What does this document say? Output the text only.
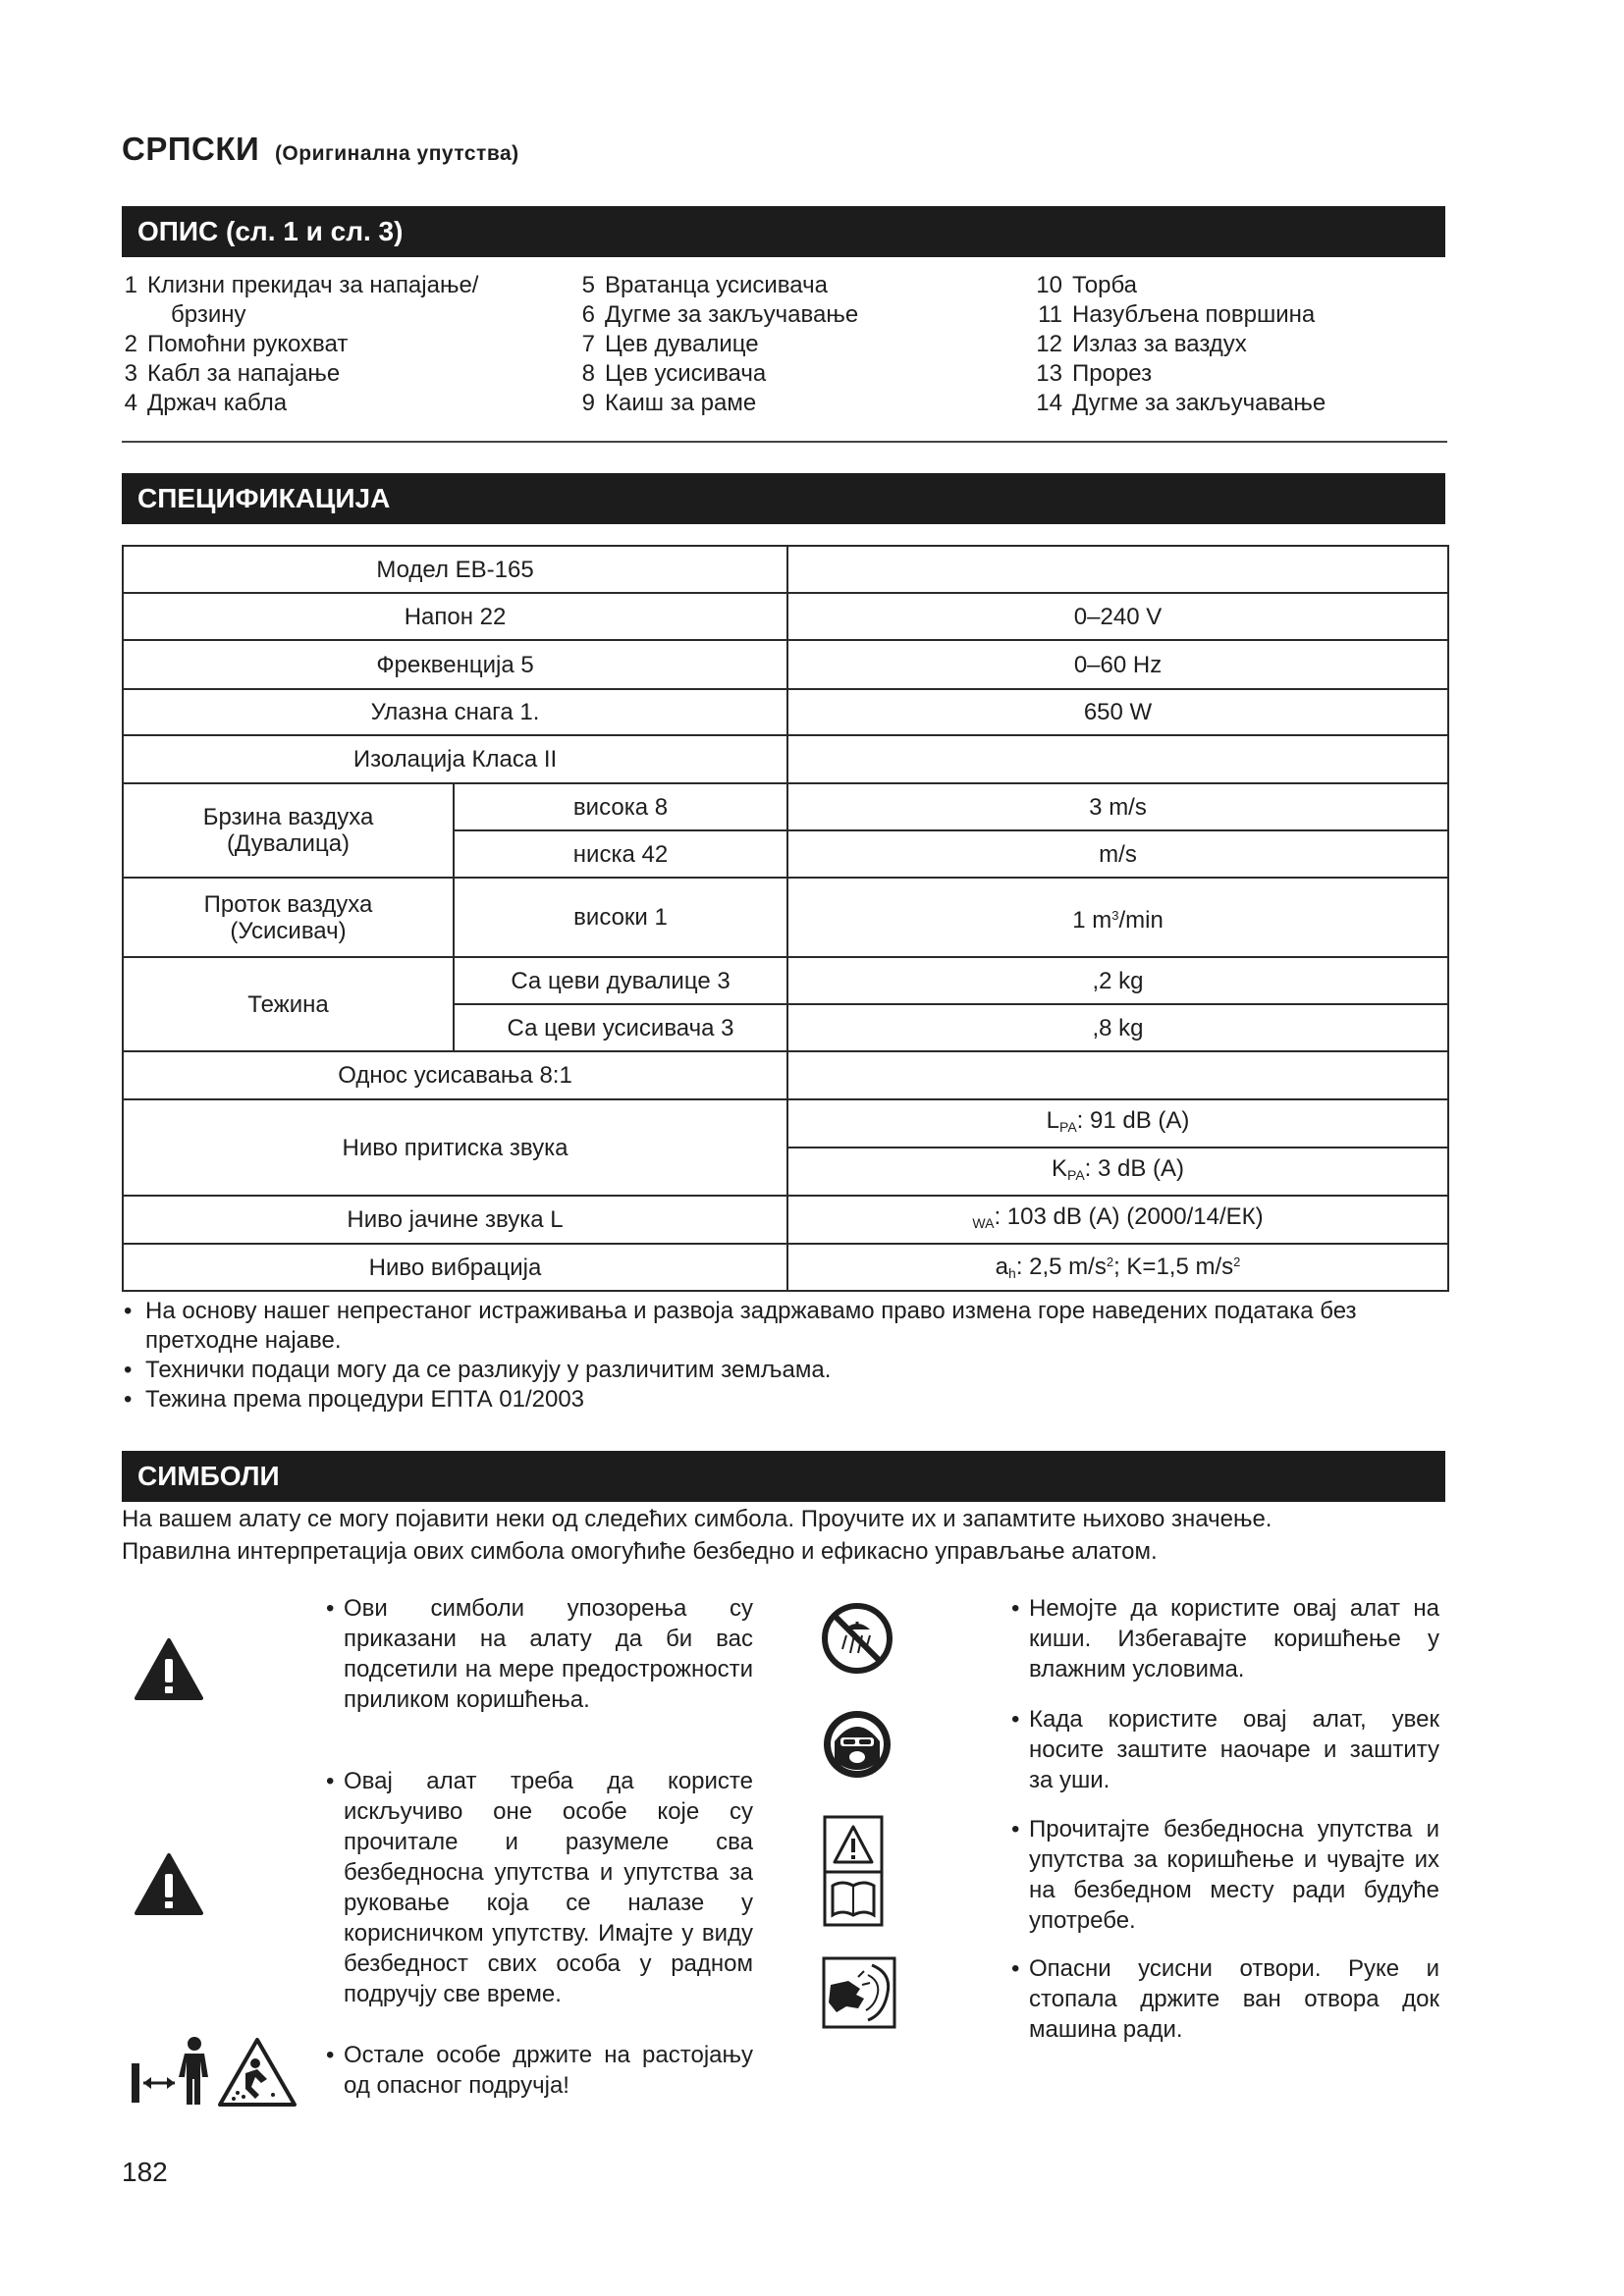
СРПСКИ (Оригинална упутства)
ОПИС (сл. 1 и сл. 3)
1 Клизни прекидач за напајање/
брзину
2 Помоћни рукохват
3 Кабл за напајање
4 Држач кабла
5 Вратанца усисивача
6 Дугме за закључавање
7 Цев дувалице
8 Цев усисивача
9 Каиш за раме
10 Торба
11 Назубљена површина
12 Излаз за ваздух
13 Прорез
14 Дугме за закључавање
СПЕЦИФИКАЦИЈА
Модел ЕВ-165		
Напон 22		0–240 V
Фреквенција 5		0–60 Hz
Улазна снага 1.		650 W
Изолација Класа II		
Брзина ваздуха
(Дувалица)	висока 8	3 m/s
	ниска 42	m/s
Проток ваздуха
(Усисивач)	високи 1	1 $m^3/\min$
Тежина	Са цеви дувалице 3	,2 kg
	Са цеви усисивача 3	,8 kg
Однос усисавања 8:1		
Ниво притиска звука		$L_{PA}$: 91 dB (A)
		$K_{PA}$: 3 dB (A)
Ниво јачине звука L		$_{WA}$: 103 dB (A) (2000/14/ЕК)
Ниво вибрација		$a_h$: 2,5 $m/s^2$; K=1,5 $m/s^2$
• На основу нашег непрестаног истраживања и развоја задржавамо право измена горе наведених података без
претходне најаве.
• Технички подаци могу да се разликују у различитим земљама.
• Тежина према процедури ЕПТА 01/2003
СИМБОЛИ
На вашем алату се могу појавити неки од следећих симбола. Проучите их и запамтите њихово значење.
Правилна интерпретација ових симбола омогућиће безбедно и ефикасно управљање алатом.
• Ови симболи упозорења су приказани на алату да би вас подсетили на мере предострожности приликом коришћења.
• Овај алат треба да користе искључиво оне особе које су прочитале и разумеле сва безбедносна упутства и упутства за руковање која се налазе у корисничком упутству. Имајте у виду безбедност свих особа у радном подручју све време.
• Остале особе држите на растојању од опасног подручја!
• Немојте да користите овај алат на киши. Избегавајте коришћење у влажним условима.
• Када користите овај алат, увек носите заштите наочаре и заштиту за уши.
• Прочитајте безбедносна упутства и упутства за коришћење и чувајте их на безбедном месту ради будуће употребе.
• Опасни усисни отвори. Руке и стопала држите ван отвора док машина ради.
182
